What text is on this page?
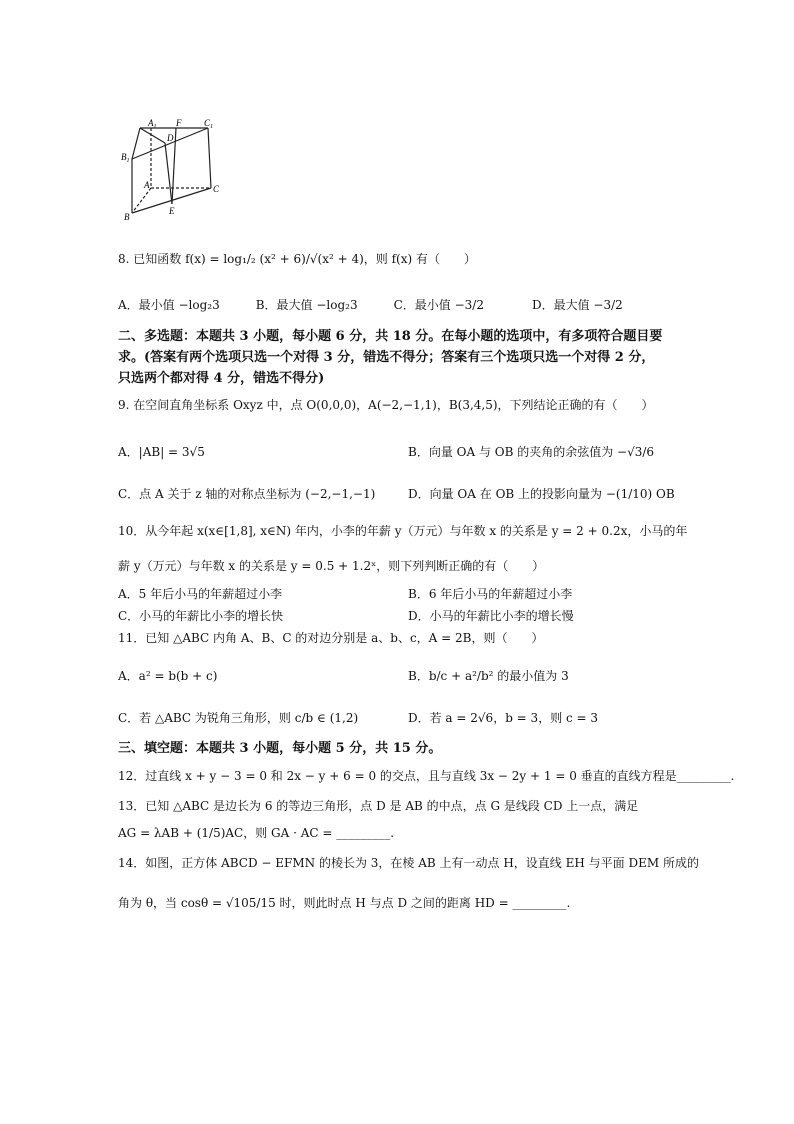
$A_1$ F	$C_1$
D
$B_1$
A	C
B
E
8. 已知函数 f(x) = log₁/₂ (x² + 6)/√(x² + 4)，则 f(x) 有（　　）
A．最小值 −log₂3　　　B．最大值 −log₂3　　　C．最小值 −3/2　　　　D．最大值 −3/2
二、多选题：本题共 3 小题，每小题 6 分，共 18 分。在每小题的选项中，有多项符合题目要
求。(答案有两个选项只选一个对得 3 分，错选不得分；答案有三个选项只选一个对得 2 分，
只选两个都对得 4 分，错选不得分)
9. 在空间直角坐标系 Oxyz 中，点 O(0,0,0)，A(−2,−1,1)，B(3,4,5)，下列结论正确的有（　　）
A．|AB| = 3√5	B．向量 OA 与 OB 的夹角的余弦值为 −√3/6
C．点 A 关于 z 轴的对称点坐标为 (−2,−1,−1)	D．向量 OA 在 OB 上的投影向量为 −(1/10) OB
10．从今年起 x(x∈[1,8], x∈N) 年内，小李的年薪 y（万元）与年数 x 的关系是 y = 2 + 0.2x，小马的年
薪 y（万元）与年数 x 的关系是 y = 0.5 + 1.2ˣ，则下列判断正确的有（　　）
A．5 年后小马的年薪超过小李	B．6 年后小马的年薪超过小李
C．小马的年薪比小李的增长快	D．小马的年薪比小李的增长慢
11．已知 △ABC 内角 A、B、C 的对边分别是 a、b、c，A = 2B，则（　　）
A．a² = b(b + c)	B．b/c + a²/b² 的最小值为 3
C．若 △ABC 为锐角三角形，则 c/b ∈ (1,2)	D．若 a = 2√6，b = 3，则 c = 3
三、填空题：本题共 3 小题，每小题 5 分，共 15 分。
12．过直线 x + y − 3 = 0 和 2x − y + 6 = 0 的交点，且与直线 3x − 2y + 1 = 0 垂直的直线方程是_________.
13．已知 △ABC 是边长为 6 的等边三角形，点 D 是 AB 的中点，点 G 是线段 CD 上一点，满足
AG = λAB + (1/5)AC，则 GA · AC = _________.
14．如图，正方体 ABCD − EFMN 的棱长为 3，在棱 AB 上有一动点 H，设直线 EH 与平面 DEM 所成的
角为 θ，当 cosθ = √105/15 时，则此时点 H 与点 D 之间的距离 HD = _________.
